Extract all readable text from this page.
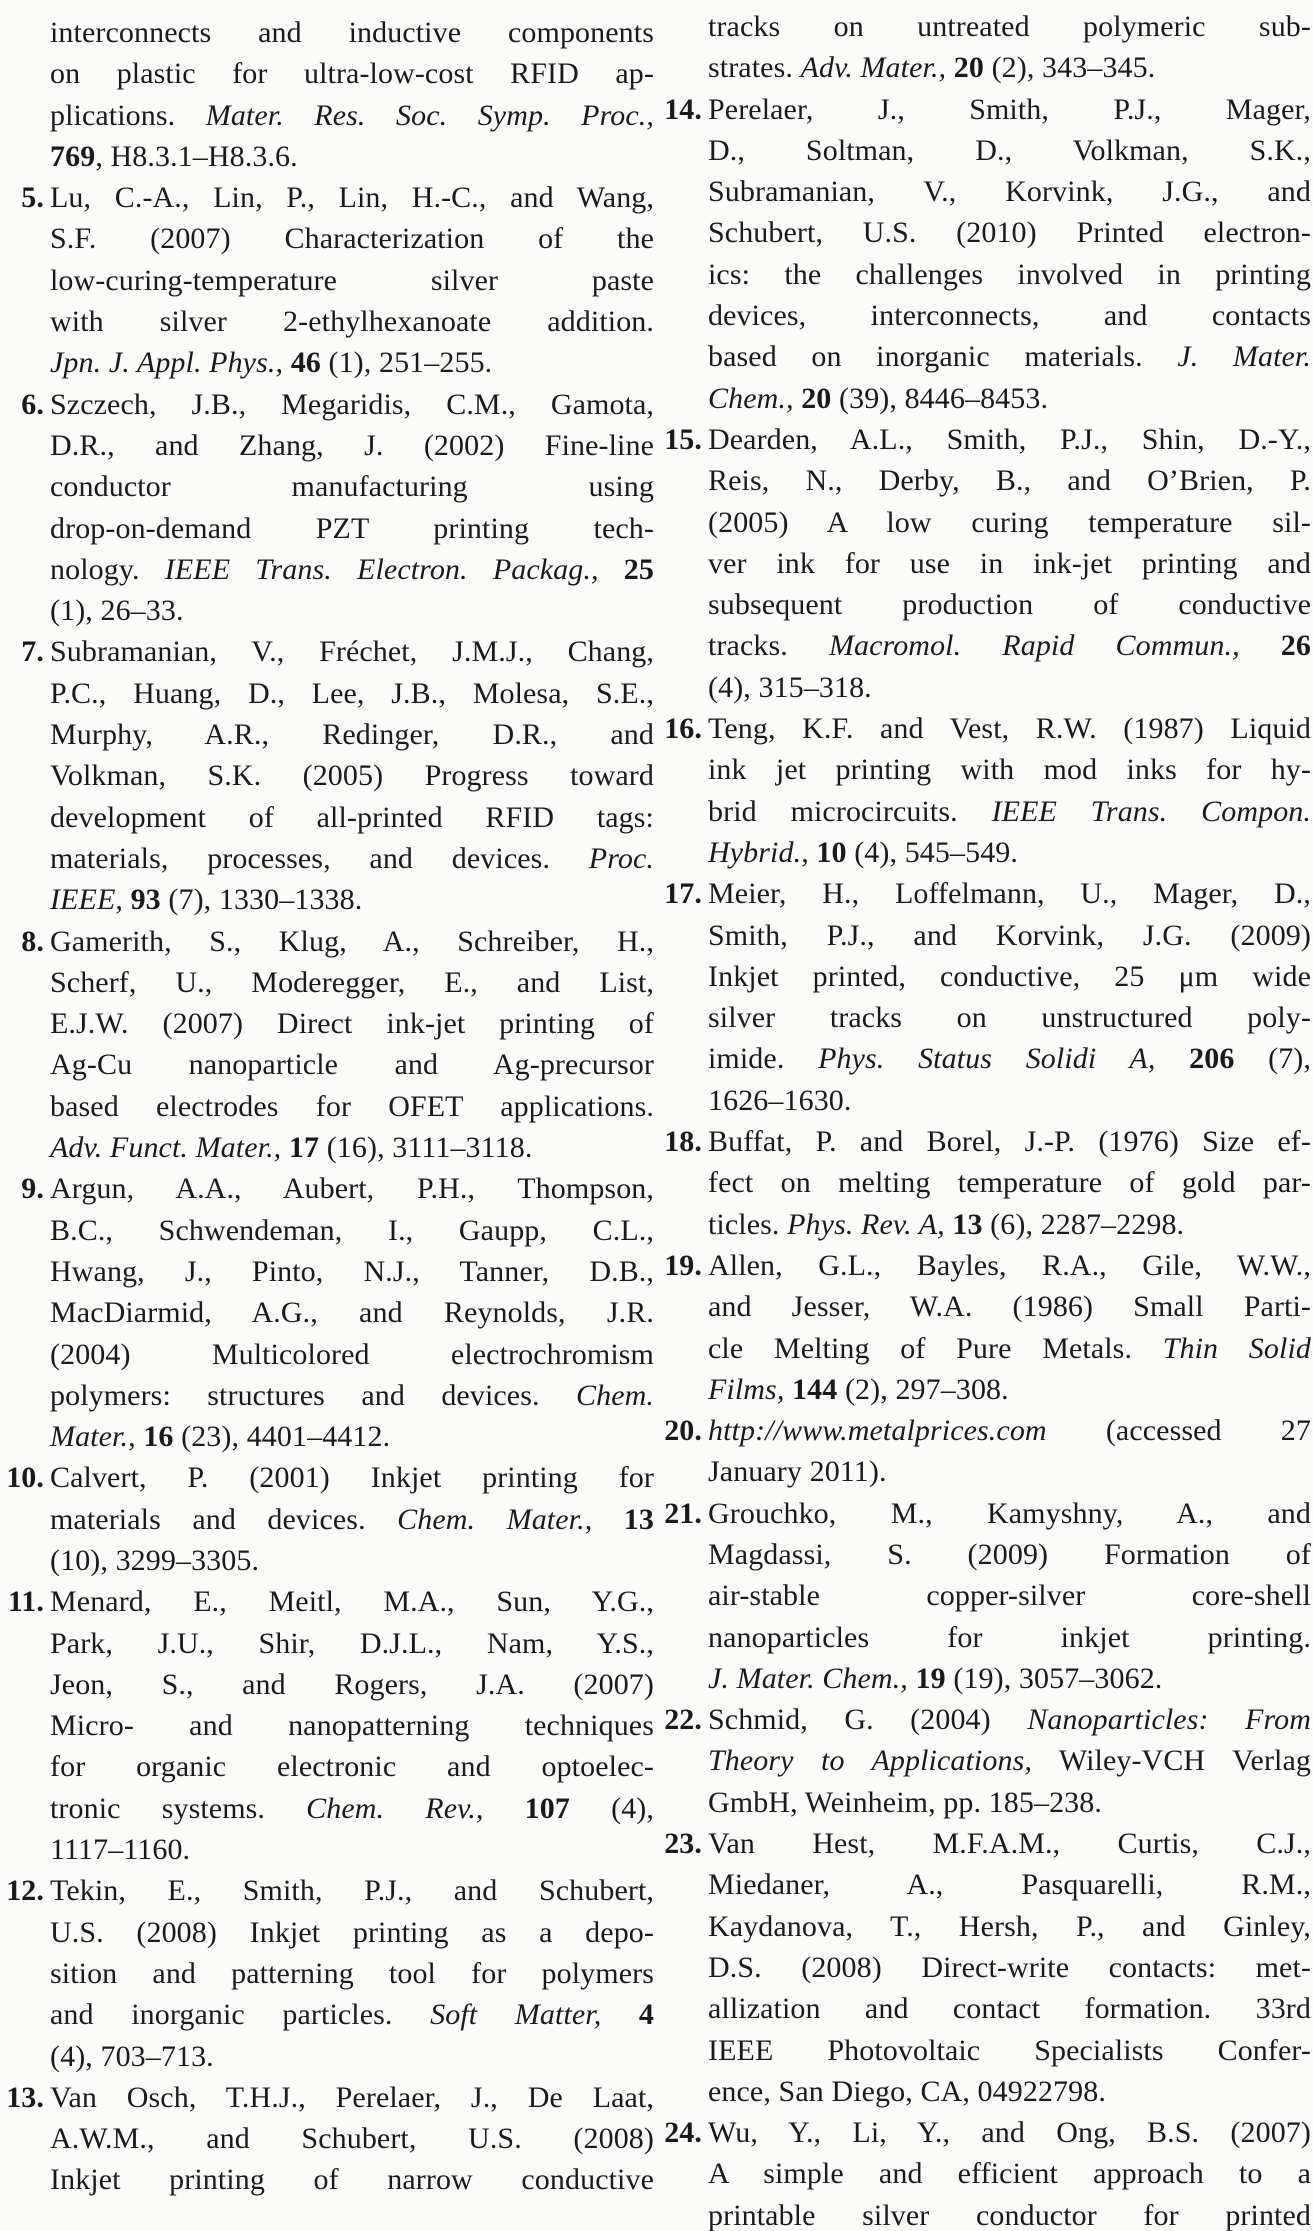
interconnects and inductive components
on plastic for ultra-low-cost RFID ap-
plications. Mater. Res. Soc. Symp. Proc.,
769, H8.3.1–H8.3.6.
5. Lu, C.-A., Lin, P., Lin, H.-C., and Wang,
S.F. (2007) Characterization of the
low-curing-temperature silver paste
with silver 2-ethylhexanoate addition.
Jpn. J. Appl. Phys., 46 (1), 251–255.
6. Szczech, J.B., Megaridis, C.M., Gamota,
D.R., and Zhang, J. (2002) Fine-line
conductor manufacturing using
drop-on-demand PZT printing tech-
nology. IEEE Trans. Electron. Packag., 25
(1), 26–33.
7. Subramanian, V., Fréchet, J.M.J., Chang,
P.C., Huang, D., Lee, J.B., Molesa, S.E.,
Murphy, A.R., Redinger, D.R., and
Volkman, S.K. (2005) Progress toward
development of all-printed RFID tags:
materials, processes, and devices. Proc.
IEEE, 93 (7), 1330–1338.
8. Gamerith, S., Klug, A., Schreiber, H.,
Scherf, U., Moderegger, E., and List,
E.J.W. (2007) Direct ink-jet printing of
Ag-Cu nanoparticle and Ag-precursor
based electrodes for OFET applications.
Adv. Funct. Mater., 17 (16), 3111–3118.
9. Argun, A.A., Aubert, P.H., Thompson,
B.C., Schwendeman, I., Gaupp, C.L.,
Hwang, J., Pinto, N.J., Tanner, D.B.,
MacDiarmid, A.G., and Reynolds, J.R.
(2004) Multicolored electrochromism
polymers: structures and devices. Chem.
Mater., 16 (23), 4401–4412.
10. Calvert, P. (2001) Inkjet printing for
materials and devices. Chem. Mater., 13
(10), 3299–3305.
11. Menard, E., Meitl, M.A., Sun, Y.G.,
Park, J.U., Shir, D.J.L., Nam, Y.S.,
Jeon, S., and Rogers, J.A. (2007)
Micro- and nanopatterning techniques
for organic electronic and optoelec-
tronic systems. Chem. Rev., 107 (4),
1117–1160.
12. Tekin, E., Smith, P.J., and Schubert,
U.S. (2008) Inkjet printing as a depo-
sition and patterning tool for polymers
and inorganic particles. Soft Matter, 4
(4), 703–713.
13. Van Osch, T.H.J., Perelaer, J., De Laat,
A.W.M., and Schubert, U.S. (2008)
Inkjet printing of narrow conductive
tracks on untreated polymeric sub-
strates. Adv. Mater., 20 (2), 343–345.
14. Perelaer, J., Smith, P.J., Mager,
D., Soltman, D., Volkman, S.K.,
Subramanian, V., Korvink, J.G., and
Schubert, U.S. (2010) Printed electron-
ics: the challenges involved in printing
devices, interconnects, and contacts
based on inorganic materials. J. Mater.
Chem., 20 (39), 8446–8453.
15. Dearden, A.L., Smith, P.J., Shin, D.-Y.,
Reis, N., Derby, B., and O’Brien, P.
(2005) A low curing temperature sil-
ver ink for use in ink-jet printing and
subsequent production of conductive
tracks. Macromol. Rapid Commun., 26
(4), 315–318.
16. Teng, K.F. and Vest, R.W. (1987) Liquid
ink jet printing with mod inks for hy-
brid microcircuits. IEEE Trans. Compon.
Hybrid., 10 (4), 545–549.
17. Meier, H., Loffelmann, U., Mager, D.,
Smith, P.J., and Korvink, J.G. (2009)
Inkjet printed, conductive, 25 μm wide
silver tracks on unstructured poly-
imide. Phys. Status Solidi A, 206 (7),
1626–1630.
18. Buffat, P. and Borel, J.-P. (1976) Size ef-
fect on melting temperature of gold par-
ticles. Phys. Rev. A, 13 (6), 2287–2298.
19. Allen, G.L., Bayles, R.A., Gile, W.W.,
and Jesser, W.A. (1986) Small Parti-
cle Melting of Pure Metals. Thin Solid
Films, 144 (2), 297–308.
20. http://www.metalprices.com (accessed 27
January 2011).
21. Grouchko, M., Kamyshny, A., and
Magdassi, S. (2009) Formation of
air-stable copper-silver core-shell
nanoparticles for inkjet printing.
J. Mater. Chem., 19 (19), 3057–3062.
22. Schmid, G. (2004) Nanoparticles: From
Theory to Applications, Wiley-VCH Verlag
GmbH, Weinheim, pp. 185–238.
23. Van Hest, M.F.A.M., Curtis, C.J.,
Miedaner, A., Pasquarelli, R.M.,
Kaydanova, T., Hersh, P., and Ginley,
D.S. (2008) Direct-write contacts: met-
allization and contact formation. 33rd
IEEE Photovoltaic Specialists Confer-
ence, San Diego, CA, 04922798.
24. Wu, Y., Li, Y., and Ong, B.S. (2007)
A simple and efficient approach to a
printable silver conductor for printed
